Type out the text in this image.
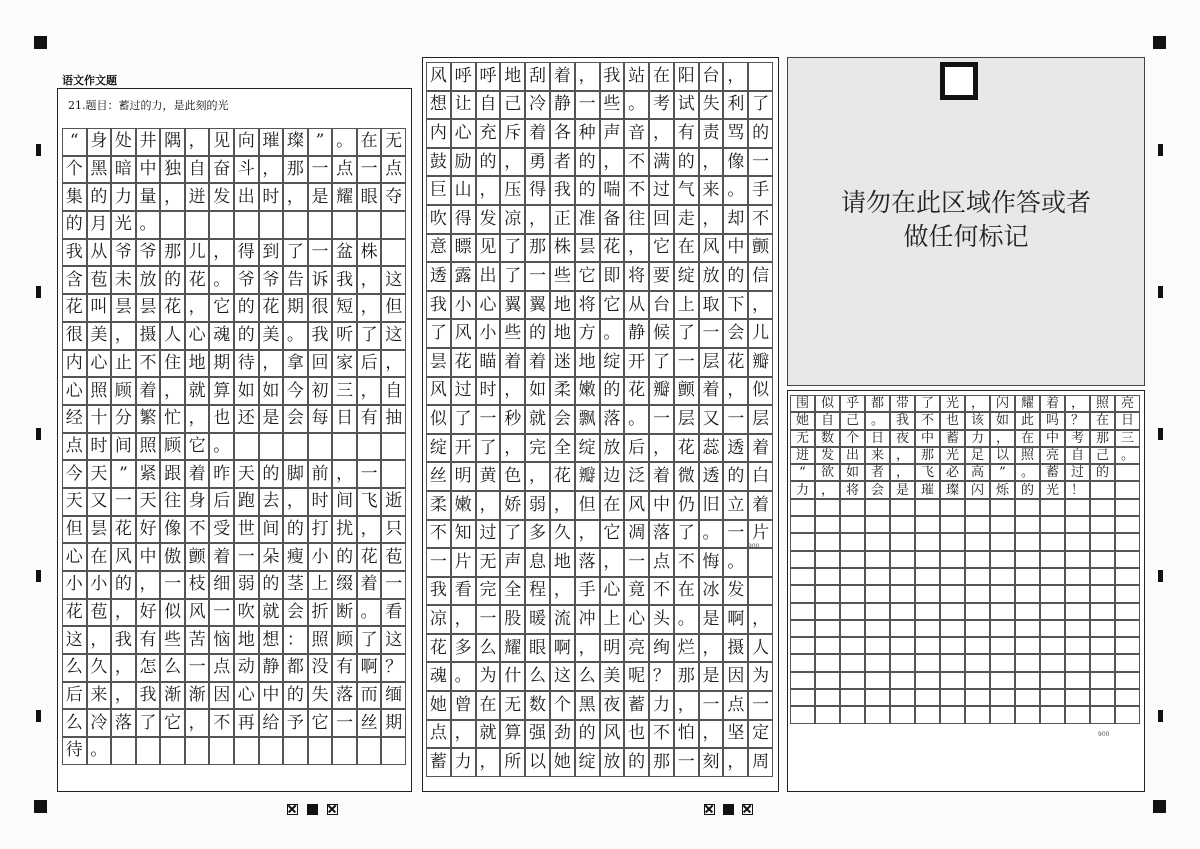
语文作文题
21.题目：蓄过的力，是此刻的光
“ 身 处 井 隅 ， 见 向 璀 璨 ” 。 在 无
个 黑 暗 中 独 自 奋 斗 ， 那 一 点 一 点
集 的 力 量 ， 迸 发 出 时 ， 是 耀 眼 夺
的 月 光 。

我 从 爷 爷 那 儿 ， 得 到 了 一 盆 株

含 苞 未 放 的 花 。 爷 爷 告 诉 我 ， 这
花 叫 昙 昙 花 ， 它 的 花 期 很 短 ， 但
很 美 ， 摄 人 心 魂 的 美 。 我 听 了 这
内 心 止 不 住 地 期 待 ， 拿 回 家 后 ，
心 照 顾 着 ， 就 算 如 如 今 初 三 ， 自
经 十 分 繁 忙 ， 也 还 是 会 每 日 有 抽
点 时 间 照 顾 它 。

今 天 ” 紧 跟 着 昨 天 的 脚 前 ， 一

天 又 一 天 往 身 后 跑 去 ， 时 间 飞 逝
但 昙 花 好 像 不 受 世 间 的 打 扰 ， 只
心 在 风 中 傲 颤 着 一 朵 瘦 小 的 花 苞
小 小 的 ， 一 枝 细 弱 的 茎 上 缀 着 一
花 苞 ， 好 似 风 一 吹 就 会 折 断 。 看
这 ， 我 有 些 苦 恼 地 想 ： 照 顾 了 这
么 久 ， 怎 么 一 点 动 静 都 没 有 啊 ？
后 来 ， 我 渐 渐 因 心 中 的 失 落 而 缅
么 冷 落 了 它 ， 不 再 给 予 它 一 丝 期
待 。

风 呼 呼 地 刮 着 ， 我 站 在 阳 台 ，

想 让 自 己 冷 静 一 些 。 考 试 失 利 了
内 心 充 斥 着 各 种 声 音 ， 有 责 骂 的
鼓 励 的 ， 勇 者 的 ， 不 满 的 ， 像 一
巨 山 ， 压 得 我 的 喘 不 过 气 来 。 手
吹 得 发 凉 ， 正 准 备 往 回 走 ， 却 不
意 瞟 见 了 那 株 昙 花 ， 它 在 风 中 颤
透 露 出 了 一 些 它 即 将 要 绽 放 的 信
我 小 心 翼 翼 地 将 它 从 台 上 取 下 ，
了 风 小 些 的 地 方 。 静 候 了 一 会 儿
昙 花 瞄 着 着 迷 地 绽 开 了 一 层 花 瓣
风 过 时 ， 如 柔 嫩 的 花 瓣 颤 着 ， 似
似 了 一 秒 就 会 飘 落 。 一 层 又 一 层
绽 开 了 ， 完 全 绽 放 后 ， 花 蕊 透 着
丝 明 黄 色 ， 花 瓣 边 泛 着 微 透 的 白
柔 嫩 ， 娇 弱 ， 但 在 风 中 仍 旧 立 着
不 知 过 了 多 久 ， 它 凋 落 了 。 一 片
一 片 无 声 息 地 落 ， 一 点 不 悔 。

我 看 完 全 程 ， 手 心 竟 不 在 冰 发

凉 ， 一 股 暖 流 冲 上 心 头 。 是 啊 ，
花 多 么 耀 眼 啊 ， 明 亮 绚 烂 ， 摄 人
魂 。 为 什 么 这 么 美 呢 ？ 那 是 因 为
她 曾 在 无 数 个 黑 夜 蓄 力 ， 一 点 一
点 ， 就 算 强 劲 的 风 也 不 怕 ， 坚 定
蓄 力 ， 所 以 她 绽 放 的 那 一 刻 ， 周
900
请勿在此区域作答或者做任何标记
围 似 乎 都 带 了 光 ， 闪 耀 着 ， 照 亮
她 自 己 。 我 不 也 该 如 此 吗 ？ 在 日
无 数 个 日 夜 中 蓄 力 ， 在 中 考 那 三
迸 发 出 来 ， 那 光 足 以 照 亮 自 己 。
“	欲 如 者 ， 飞 必 高	”	。 蓄 过 的

力 ， 将 会 是 璀 璨 闪 烁 的 光 ！

900
